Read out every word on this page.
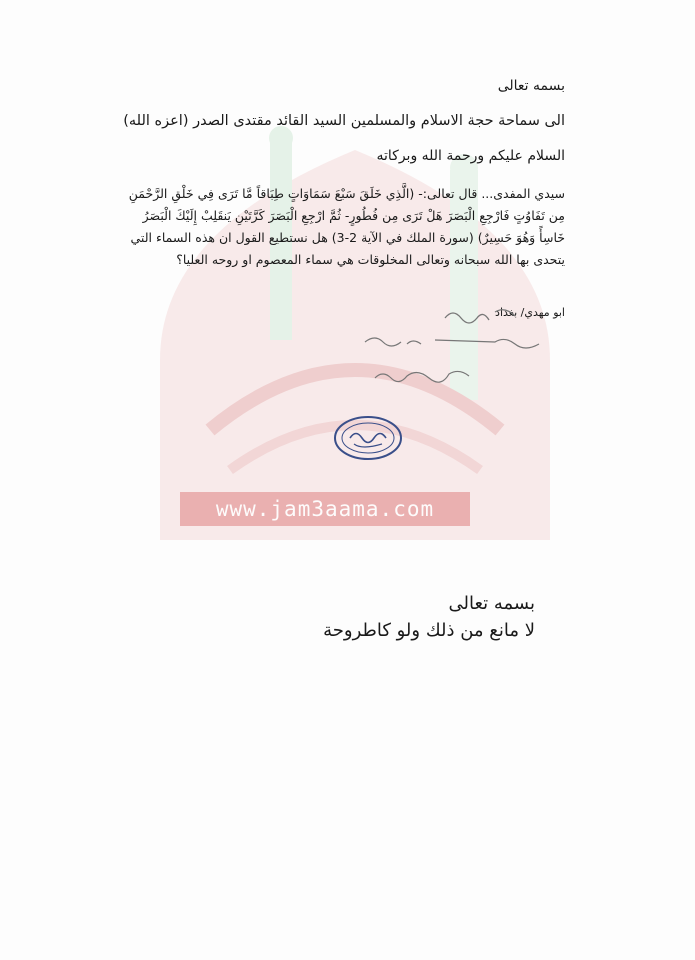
www.jam3aama.com
بسمه تعالى
الى سماحة حجة الاسلام والمسلمين السيد القائد مقتدى الصدر (اعزه الله)
السلام عليكم ورحمة الله وبركاته
سيدي المفدى... قال تعالى:- (الَّذِي خَلَقَ سَبْعَ سَمَاوَاتٍ طِبَاقاً مَّا تَرَى فِي خَلْقِ الرَّحْمَنِ مِن تَفَاوُتٍ فَارْجِعِ الْبَصَرَ هَلْ تَرَى مِن فُطُورٍ- ثُمَّ ارْجِعِ الْبَصَرَ كَرَّتَيْنِ يَنقَلِبْ إِلَيْكَ الْبَصَرُ خَاسِأً وَهُوَ حَسِيرٌ) (سورة الملك في الآية 2-3) هل نستطيع القول ان هذه السماء التي يتحدى بها الله سبحانه وتعالى المخلوقات هي سماء المعصوم او روحه العليا؟
ابو مهدي/ بغداد
بسمه تعالى
لا مانع من ذلك ولو كاطروحة
